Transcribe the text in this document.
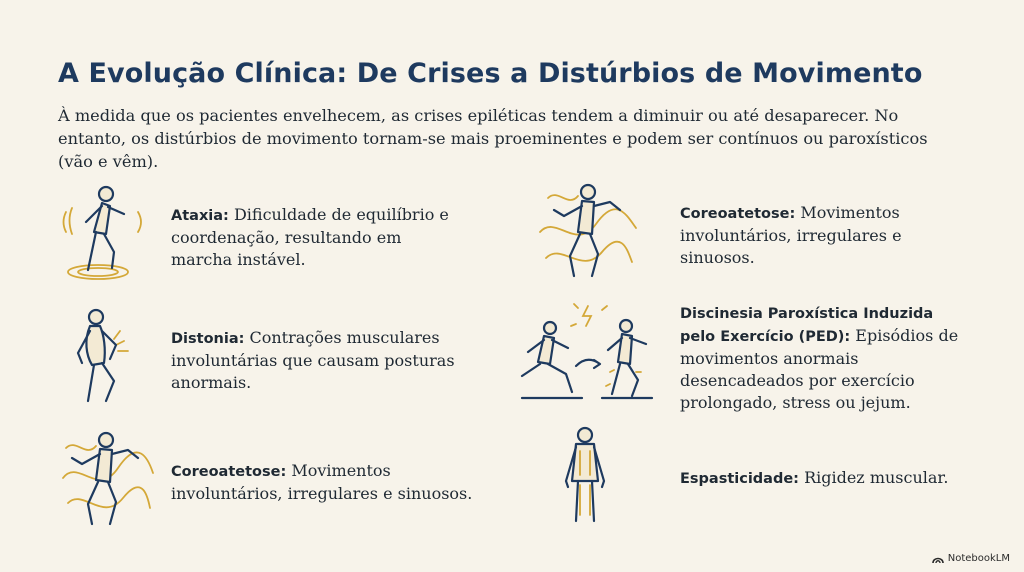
A Evolução Clínica: De Crises a Distúrbios de Movimento

À medida que os pacientes envelhecem, as crises epiléticas tendem a diminuir ou até desaparecer. No entanto, os distúrbios de movimento tornam-se mais proeminentes e podem ser contínuos ou paroxísticos (vão e vêm).

Ataxia: Dificuldade de equilíbrio e coordenação, resultando em marcha instável.
Distonia: Contrações musculares involuntárias que causam posturas anormais.
Coreoatetose: Movimentos involuntários, irregulares e sinuosos.
Coreoatetose: Movimentos involuntários, irregulares e sinuosos.
Discinesia Paroxística Induzida pelo Exercício (PED): Episódios de movimentos anormais desencadeados por exercício prolongado, stress ou jejum.
Espasticidade: Rigidez muscular.
NotebookLM
